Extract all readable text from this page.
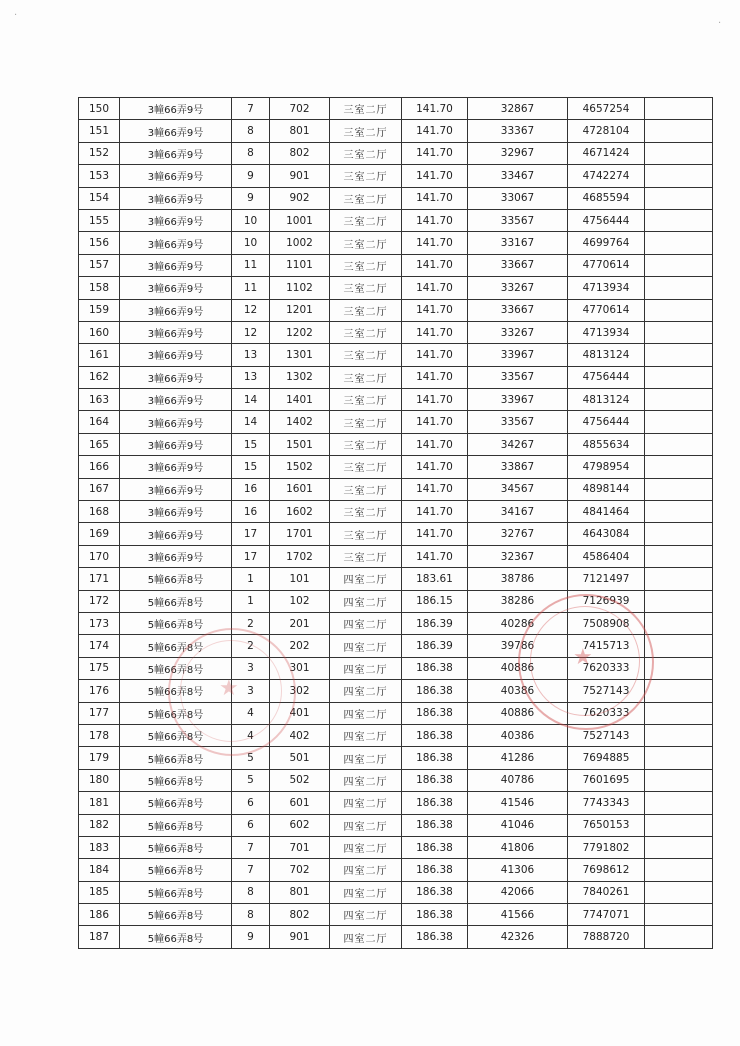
·
·
150	3幢66弄9号	7	702	三室二厅	141.70	32867	4657254	
151	3幢66弄9号	8	801	三室二厅	141.70	33367	4728104	
152	3幢66弄9号	8	802	三室二厅	141.70	32967	4671424	
153	3幢66弄9号	9	901	三室二厅	141.70	33467	4742274	
154	3幢66弄9号	9	902	三室二厅	141.70	33067	4685594	
155	3幢66弄9号	10	1001	三室二厅	141.70	33567	4756444	
156	3幢66弄9号	10	1002	三室二厅	141.70	33167	4699764	
157	3幢66弄9号	11	1101	三室二厅	141.70	33667	4770614	
158	3幢66弄9号	11	1102	三室二厅	141.70	33267	4713934	
159	3幢66弄9号	12	1201	三室二厅	141.70	33667	4770614	
160	3幢66弄9号	12	1202	三室二厅	141.70	33267	4713934	
161	3幢66弄9号	13	1301	三室二厅	141.70	33967	4813124	
162	3幢66弄9号	13	1302	三室二厅	141.70	33567	4756444	
163	3幢66弄9号	14	1401	三室二厅	141.70	33967	4813124	
164	3幢66弄9号	14	1402	三室二厅	141.70	33567	4756444	
165	3幢66弄9号	15	1501	三室二厅	141.70	34267	4855634	
166	3幢66弄9号	15	1502	三室二厅	141.70	33867	4798954	
167	3幢66弄9号	16	1601	三室二厅	141.70	34567	4898144	
168	3幢66弄9号	16	1602	三室二厅	141.70	34167	4841464	
169	3幢66弄9号	17	1701	三室二厅	141.70	32767	4643084	
170	3幢66弄9号	17	1702	三室二厅	141.70	32367	4586404	
171	5幢66弄8号	1	101	四室二厅	183.61	38786	7121497	
172	5幢66弄8号	1	102	四室二厅	186.15	38286	7126939	
173	5幢66弄8号	2	201	四室二厅	186.39	40286	7508908	
174	5幢66弄8号	2	202	四室二厅	186.39	39786	7415713	
175	5幢66弄8号	3	301	四室二厅	186.38	40886	7620333	
176	5幢66弄8号	3	302	四室二厅	186.38	40386	7527143	
177	5幢66弄8号	4	401	四室二厅	186.38	40886	7620333	
178	5幢66弄8号	4	402	四室二厅	186.38	40386	7527143	
179	5幢66弄8号	5	501	四室二厅	186.38	41286	7694885	
180	5幢66弄8号	5	502	四室二厅	186.38	40786	7601695	
181	5幢66弄8号	6	601	四室二厅	186.38	41546	7743343	
182	5幢66弄8号	6	602	四室二厅	186.38	41046	7650153	
183	5幢66弄8号	7	701	四室二厅	186.38	41806	7791802	
184	5幢66弄8号	7	702	四室二厅	186.38	41306	7698612	
185	5幢66弄8号	8	801	四室二厅	186.38	42066	7840261	
186	5幢66弄8号	8	802	四室二厅	186.38	41566	7747071	
187	5幢66弄8号	9	901	四室二厅	186.38	42326	7888720	
★
★
